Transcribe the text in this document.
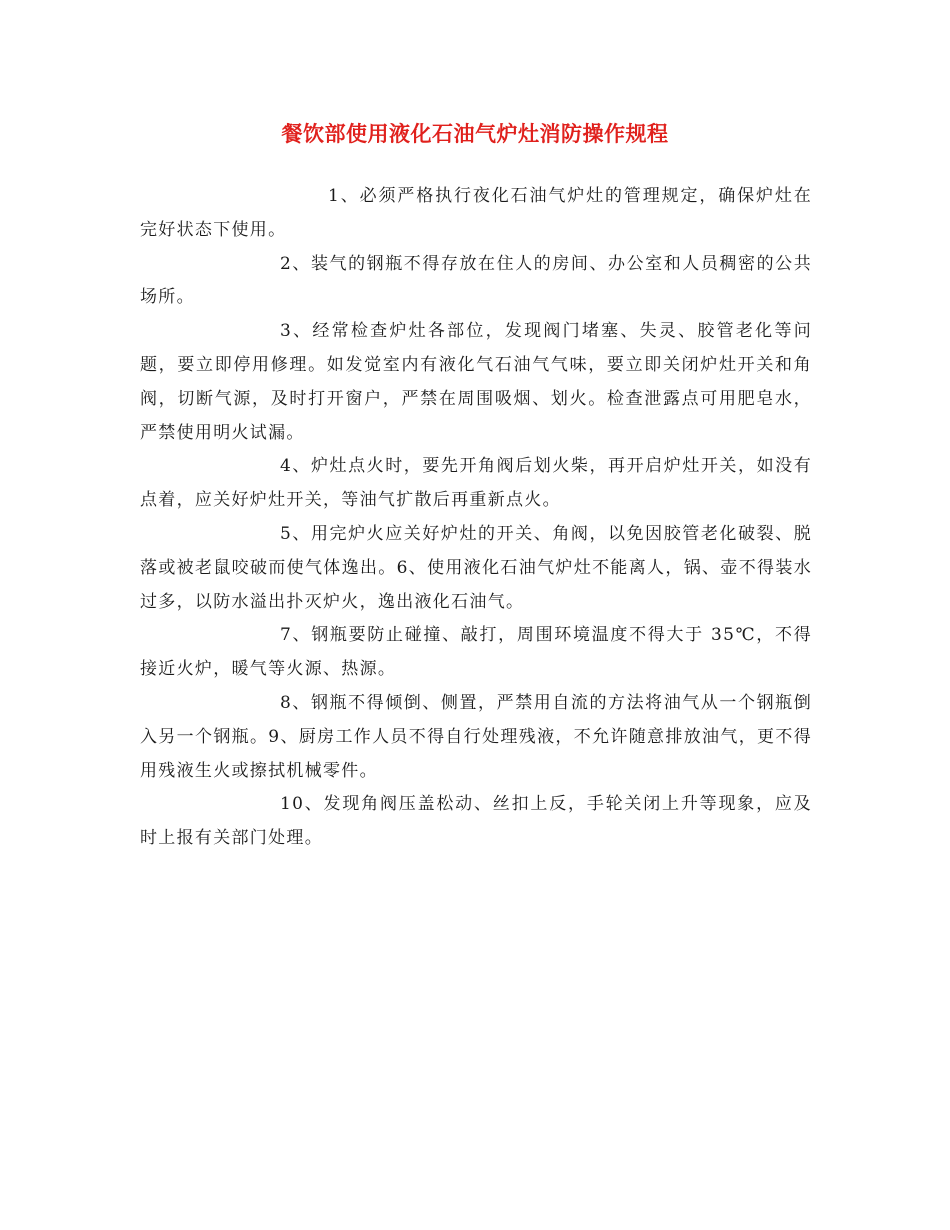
餐饮部使用液化石油气炉灶消防操作规程

1、必须严格执行夜化石油气炉灶的管理规定，确保炉灶在完好状态下使用。

2、装气的钢瓶不得存放在住人的房间、办公室和人员稠密的公共场所。

3、经常检查炉灶各部位，发现阀门堵塞、失灵、胶管老化等问题，要立即停用修理。如发觉室内有液化气石油气气味，要立即关闭炉灶开关和角阀，切断气源，及时打开窗户，严禁在周围吸烟、划火。检查泄露点可用肥皂水，严禁使用明火试漏。

4、炉灶点火时，要先开角阀后划火柴，再开启炉灶开关，如没有点着，应关好炉灶开关，等油气扩散后再重新点火。

5、用完炉火应关好炉灶的开关、角阀，以免因胶管老化破裂、脱落或被老鼠咬破而使气体逸出。6、使用液化石油气炉灶不能离人，锅、壶不得装水过多，以防水溢出扑灭炉火，逸出液化石油气。

7、钢瓶要防止碰撞、敲打，周围环境温度不得大于 35℃，不得接近火炉，暖气等火源、热源。

8、钢瓶不得倾倒、侧置，严禁用自流的方法将油气从一个钢瓶倒入另一个钢瓶。9、厨房工作人员不得自行处理残液，不允许随意排放油气，更不得用残液生火或擦拭机械零件。

10、发现角阀压盖松动、丝扣上反，手轮关闭上升等现象，应及时上报有关部门处理。
